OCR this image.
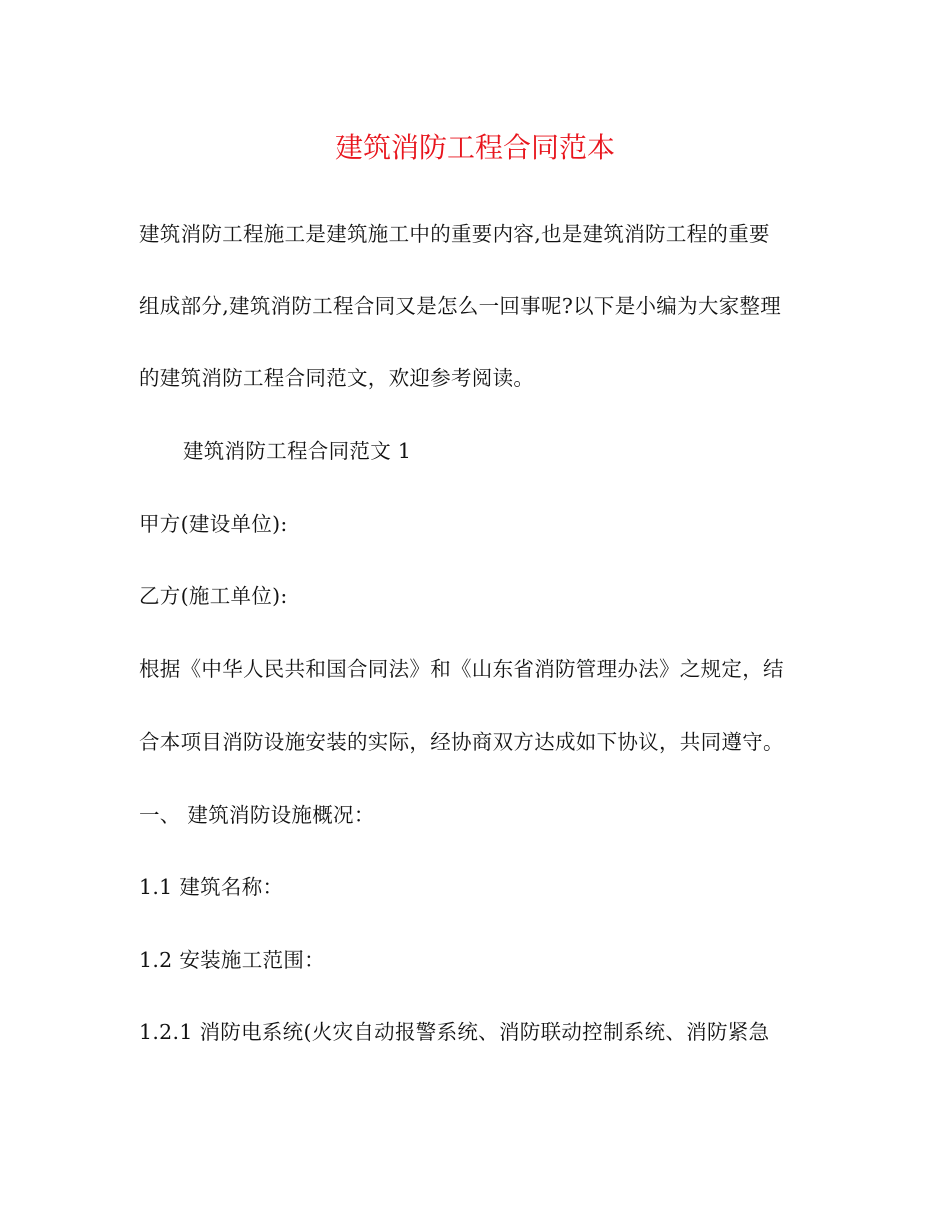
建筑消防工程合同范本
建筑消防工程施工是建筑施工中的重要内容,也是建筑消防工程的重要
组成部分,建筑消防工程合同又是怎么一回事呢?以下是小编为大家整理
的建筑消防工程合同范文，欢迎参考阅读。
建筑消防工程合同范文 1
甲方(建设单位):
乙方(施工单位):
根据《中华人民共和国合同法》和《山东省消防管理办法》之规定，结
合本项目消防设施安装的实际，经协商双方达成如下协议，共同遵守。
一、 建筑消防设施概况：
1.1 建筑名称：
1.2 安装施工范围：
1.2.1 消防电系统(火灾自动报警系统、消防联动控制系统、消防紧急
